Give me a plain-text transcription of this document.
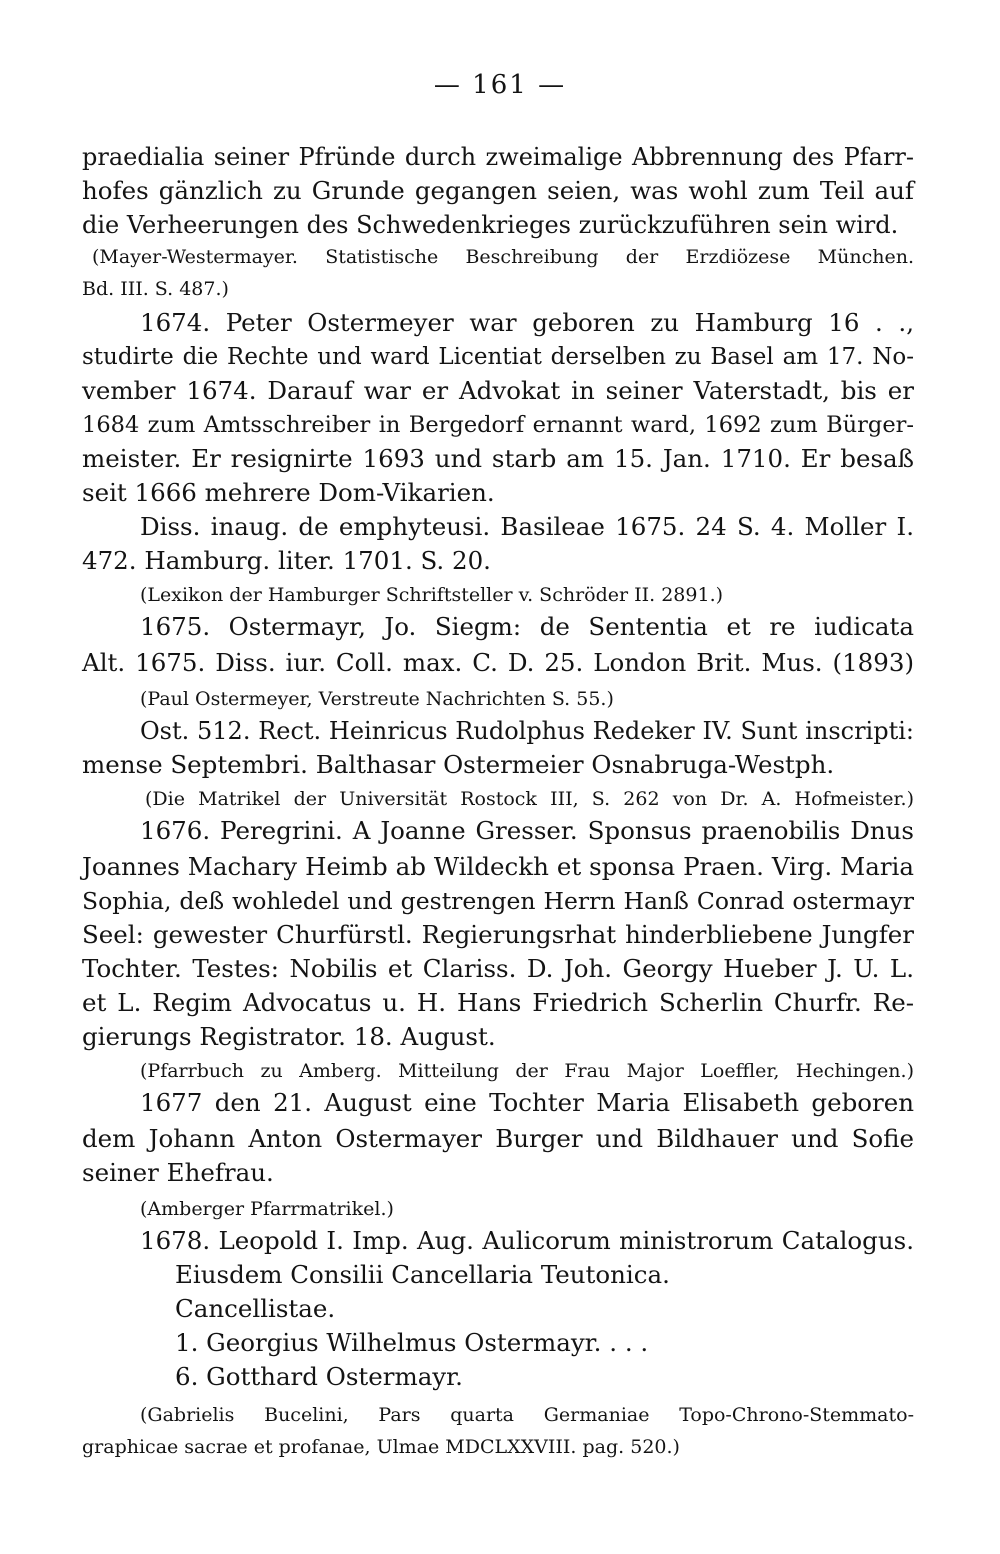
— 161 —
praedialia seiner Pfründe durch zweimalige Abbrennung des Pfarr-
hofes gänzlich zu Grunde gegangen seien, was wohl zum Teil auf
die Verheerungen des Schwedenkrieges zurückzuführen sein wird.
(Mayer-Westermayer. Statistische Beschreibung der Erzdiözese München.
Bd. III. S. 487.)
1674. Peter Ostermeyer war geboren zu Hamburg 16 . .,
studirte die Rechte und ward Licentiat derselben zu Basel am 17. No-
vember 1674. Darauf war er Advokat in seiner Vaterstadt, bis er
1684 zum Amtsschreiber in Bergedorf ernannt ward, 1692 zum Bürger-
meister. Er resignirte 1693 und starb am 15. Jan. 1710. Er besaß
seit 1666 mehrere Dom-Vikarien.
Diss. inaug. de emphyteusi. Basileae 1675. 24 S. 4. Moller I.
472. Hamburg. liter. 1701. S. 20.
(Lexikon der Hamburger Schriftsteller v. Schröder II. 2891.)
1675. Ostermayr, Jo. Siegm: de Sententia et re iudicata
Alt. 1675. Diss. iur. Coll. max. C. D. 25. London Brit. Mus. (1893)
(Paul Ostermeyer, Verstreute Nachrichten S. 55.)
Ost. 512. Rect. Heinricus Rudolphus Redeker IV. Sunt inscripti:
mense Septembri. Balthasar Ostermeier Osnabruga-Westph.
(Die Matrikel der Universität Rostock III, S. 262 von Dr. A. Hofmeister.)
1676. Peregrini. A Joanne Gresser. Sponsus praenobilis Dnus
Joannes Machary Heimb ab Wildeckh et sponsa Praen. Virg. Maria
Sophia, deß wohledel und gestrengen Herrn Hanß Conrad ostermayr
Seel: gewester Churfürstl. Regierungsrhat hinderbliebene Jungfer
Tochter. Testes: Nobilis et Clariss. D. Joh. Georgy Hueber J. U. L.
et L. Regim Advocatus u. H. Hans Friedrich Scherlin Churfr. Re-
gierungs Registrator. 18. August.
(Pfarrbuch zu Amberg. Mitteilung der Frau Major Loeffler, Hechingen.)
1677 den 21. August eine Tochter Maria Elisabeth geboren
dem Johann Anton Ostermayer Burger und Bildhauer und Sofie
seiner Ehefrau.
(Amberger Pfarrmatrikel.)
1678. Leopold I. Imp. Aug. Aulicorum ministrorum Catalogus.
Eiusdem Consilii Cancellaria Teutonica.
Cancellistae.
1. Georgius Wilhelmus Ostermayr. . . .
6. Gotthard Ostermayr.
(Gabrielis Bucelini, Pars quarta Germaniae Topo-Chrono-Stemmato-
graphicae sacrae et profanae, Ulmae MDCLXXVIII. pag. 520.)
